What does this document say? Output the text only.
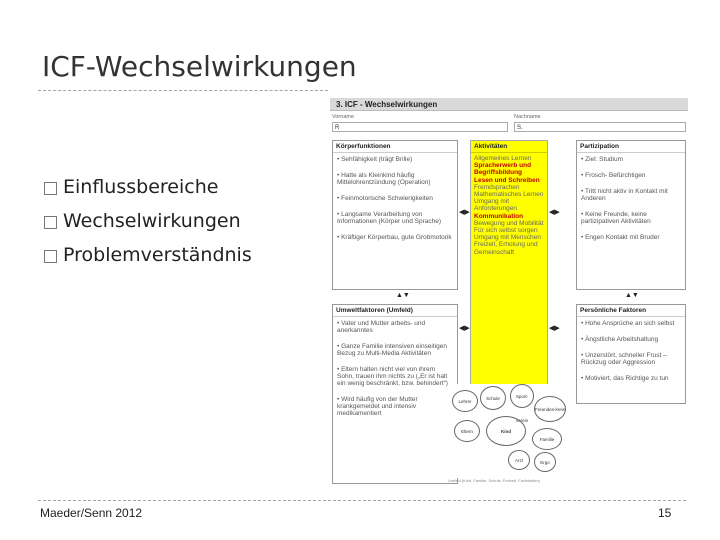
ICF-Wechselwirkungen
Einflussbereiche
Wechselwirkungen
Problemverständnis
3. ICF - Wechselwirkungen
Vorname
R
Nachname
S.
Körperfunktionen
• Sehfähigkeit (trägt Brille)
• Hatte als Kleinkind häufig Mittelohrentzündung (Operation)
• Feinmotorische Schwierigkeiten
• Langsame Verarbeitung von Informationen (Körper und Sprache)
• Kräftiger Körperbau, gute Grobmotorik
Aktivitäten
Allgemeines Lernen
Spracherwerb und
Begriffsbildung
Lesen und Schreiben
Fremdsprachen
Mathematisches Lernen
Umgang mit
Anforderungen
Kommunikation
Bewegung und Mobilität
Für sich selbst sorgen
Umgang mit Menschen
Freizeit, Erholung und
Gemeinschaft
Partizipation
• Ziel: Studium
• Frosch- Befürchtigen
• Tritt nicht aktiv in Kontakt mit Anderen
• Keine Freunde, keine partizipativen Aktivitäten
• Engen Kontakt mit Bruder
Umweltfaktoren (Umfeld)
• Vater und Mutter arbeits- und anerkanntes
• Ganze Familie intensiven einseitigen Bezug zu Multi-Media Aktivitäten
• Eltern halten nicht viel von ihrem Sohn, trauen ihm nichts zu („Er ist halt ein wenig beschränkt, bzw. behindert“)
• Wird häufig von der Mutter krankgemeldet und intensiv medikamentiert
Persönliche Faktoren
• Hohe Ansprüche an sich selbst
• Ängstliche Arbeitshaltung
• Unzerstört, schneller Frust – Rückzug oder Aggression
• Motiviert, das Richtige zu tun
◀▶	◀▶
◀▶	◀▶
▲▼	▲▼
Lehrer
Schule	Sport-verein
Freundes-kreis
Kind
Eltern
Familie
Arzt	Ergo
Umfeld (Kind, Familie, Schule, Freizeit, Fachstellen)
Maeder/Senn 2012	15
